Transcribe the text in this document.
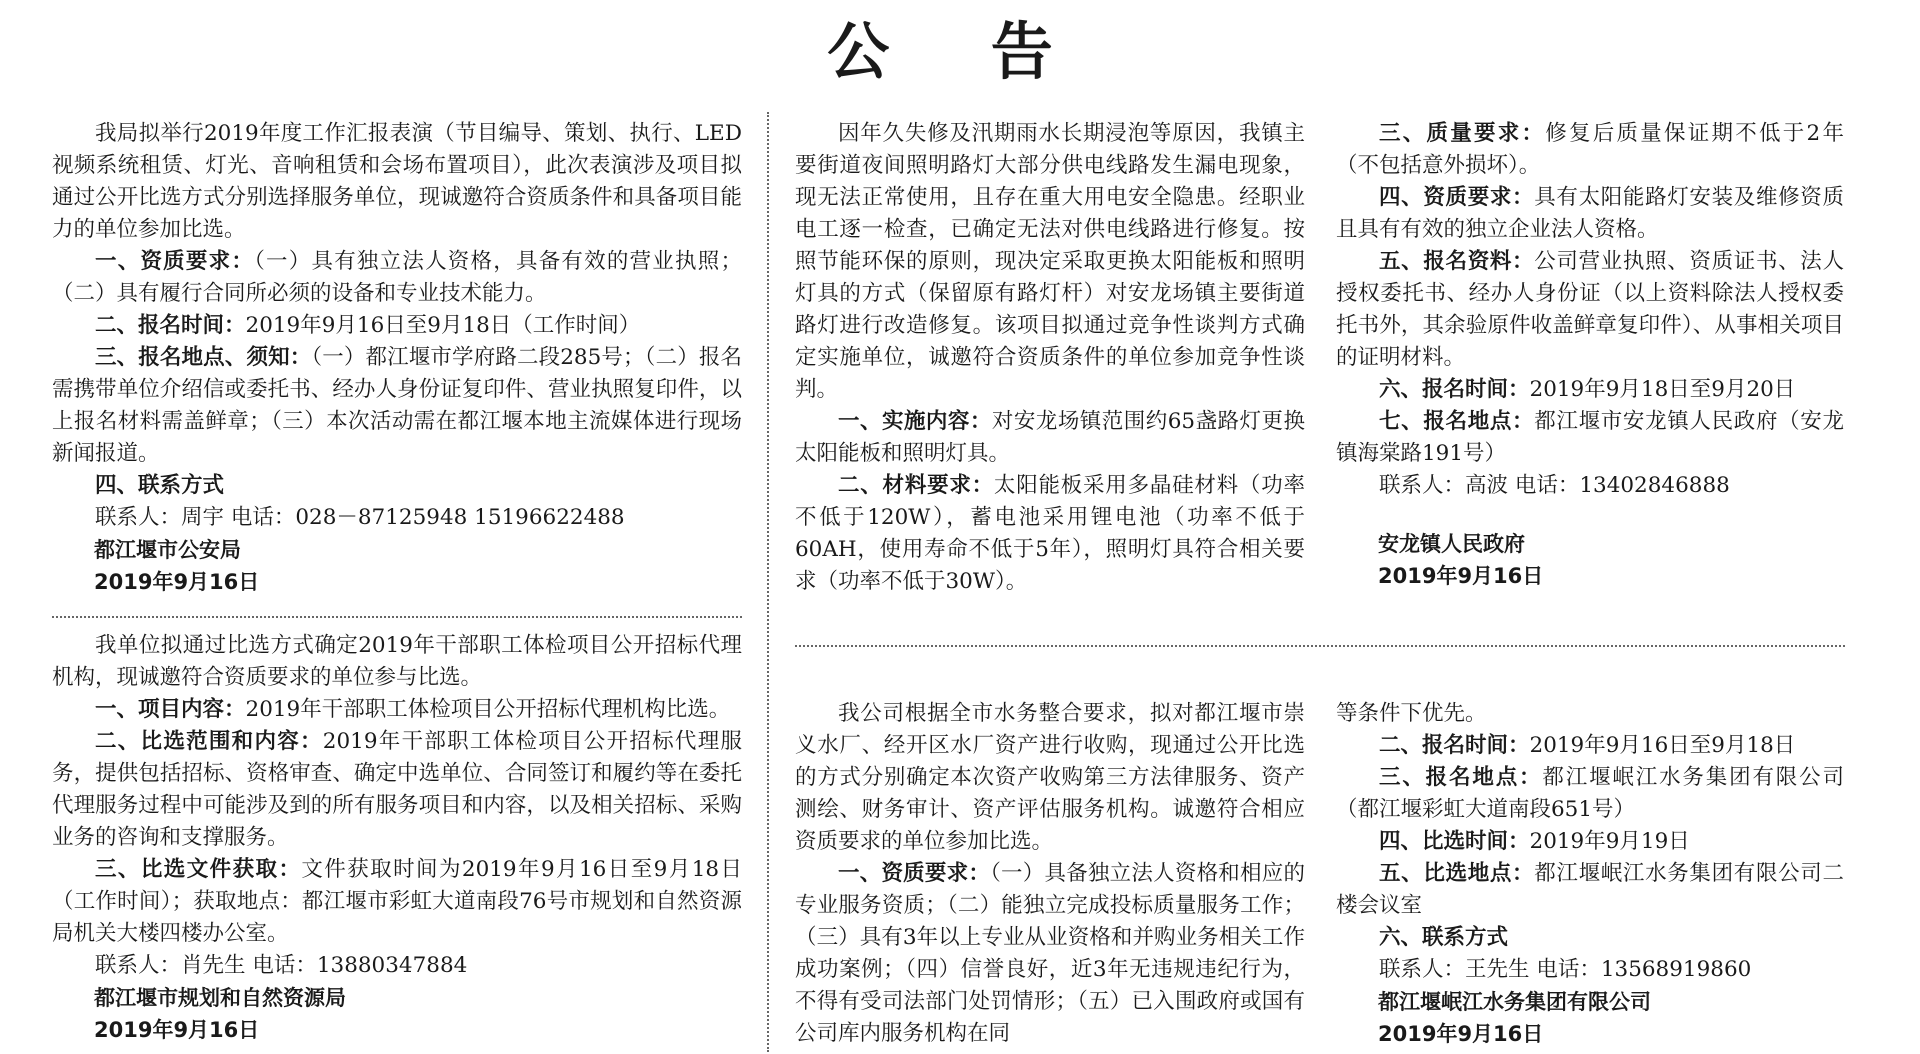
公 告

我局拟举行2019年度工作汇报表演（节目编导、策划、执行、LED视频系统租赁、灯光、音响租赁和会场布置项目），此次表演涉及项目拟通过公开比选方式分别选择服务单位，现诚邀符合资质条件和具备项目能力的单位参加比选。

一、资质要求：（一）具有独立法人资格，具备有效的营业执照；（二）具有履行合同所必须的设备和专业技术能力。

二、报名时间：2019年9月16日至9月18日（工作时间）

三、报名地点、须知：（一）都江堰市学府路二段285号；（二）报名需携带单位介绍信或委托书、经办人身份证复印件、营业执照复印件，以上报名材料需盖鲜章；（三）本次活动需在都江堰本地主流媒体进行现场新闻报道。

四、联系方式

联系人：周宇 电话：028－87125948 15196622488

都江堰市公安局

2019年9月16日

因年久失修及汛期雨水长期浸泡等原因，我镇主要街道夜间照明路灯大部分供电线路发生漏电现象，现无法正常使用，且存在重大用电安全隐患。经职业电工逐一检查，已确定无法对供电线路进行修复。按照节能环保的原则，现决定采取更换太阳能板和照明灯具的方式（保留原有路灯杆）对安龙场镇主要街道路灯进行改造修复。该项目拟通过竞争性谈判方式确定实施单位，诚邀符合资质条件的单位参加竞争性谈判。

一、实施内容：对安龙场镇范围约65盏路灯更换太阳能板和照明灯具。

二、材料要求：太阳能板采用多晶硅材料（功率不低于120W），蓄电池采用锂电池（功率不低于60AH，使用寿命不低于5年），照明灯具符合相关要求（功率不低于30W）。

三、质量要求：修复后质量保证期不低于2年（不包括意外损坏）。

四、资质要求：具有太阳能路灯安装及维修资质且具有有效的独立企业法人资格。

五、报名资料：公司营业执照、资质证书、法人授权委托书、经办人身份证（以上资料除法人授权委托书外，其余验原件收盖鲜章复印件）、从事相关项目的证明材料。

六、报名时间：2019年9月18日至9月20日

七、报名地点：都江堰市安龙镇人民政府（安龙镇海棠路191号）

联系人：高波 电话：13402846888

安龙镇人民政府

2019年9月16日

我单位拟通过比选方式确定2019年干部职工体检项目公开招标代理机构，现诚邀符合资质要求的单位参与比选。

一、项目内容：2019年干部职工体检项目公开招标代理机构比选。

二、比选范围和内容：2019年干部职工体检项目公开招标代理服务，提供包括招标、资格审查、确定中选单位、合同签订和履约等在委托代理服务过程中可能涉及到的所有服务项目和内容，以及相关招标、采购业务的咨询和支撑服务。

三、比选文件获取：文件获取时间为2019年9月16日至9月18日（工作时间）；获取地点：都江堰市彩虹大道南段76号市规划和自然资源局机关大楼四楼办公室。

联系人：肖先生 电话：13880347884

都江堰市规划和自然资源局

2019年9月16日

我公司根据全市水务整合要求，拟对都江堰市崇义水厂、经开区水厂资产进行收购，现通过公开比选的方式分别确定本次资产收购第三方法律服务、资产测绘、财务审计、资产评估服务机构。诚邀符合相应资质要求的单位参加比选。

一、资质要求：（一）具备独立法人资格和相应的专业服务资质；（二）能独立完成投标质量服务工作；（三）具有3年以上专业从业资格和并购业务相关工作成功案例；（四）信誉良好，近3年无违规违纪行为，不得有受司法部门处罚情形；（五）已入围政府或国有公司库内服务机构在同

等条件下优先。

二、报名时间：2019年9月16日至9月18日

三、报名地点：都江堰岷江水务集团有限公司（都江堰彩虹大道南段651号）

四、比选时间：2019年9月19日

五、比选地点：都江堰岷江水务集团有限公司二楼会议室

六、联系方式

联系人：王先生 电话：13568919860

都江堰岷江水务集团有限公司

2019年9月16日
